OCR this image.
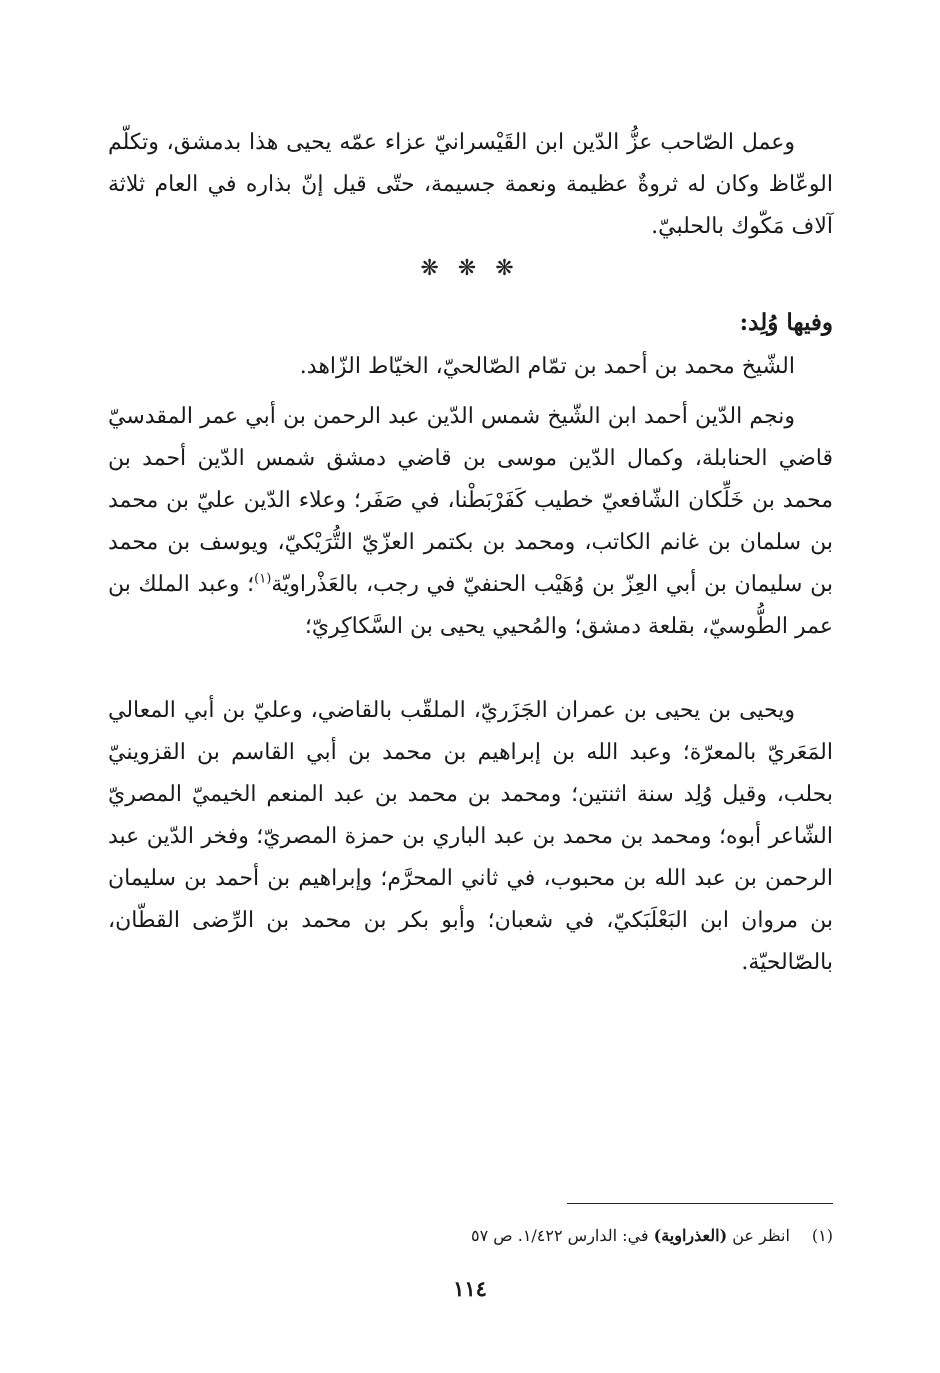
وعمل الصّاحب عزُّ الدّين ابن القَيْسرانيّ عزاء عمّه يحيى هذا بدمشق، وتكلّم الوعّاظ وكان له ثروةٌ عظيمة ونعمة جسيمة، حتّى قيل إنّ بذاره في العام ثلاثة آلاف مَكّوك بالحلبيّ.

❋ ❋ ❋
وفيها وُلِد:

الشّيخ محمد بن أحمد بن تمّام الصّالحيّ، الخيّاط الزّاهد.

ونجم الدّين أحمد ابن الشّيخ شمس الدّين عبد الرحمن بن أبي عمر المقدسيّ قاضي الحنابلة، وكمال الدّين موسى بن قاضي دمشق شمس الدّين أحمد بن محمد بن خَلِّكان الشّافعيّ خطيب كَفَرْبَطْنا، في صَفَر؛ وعلاء الدّين عليّ بن محمد بن سلمان بن غانم الكاتب، ومحمد بن بكتمر العزّيّ التُّرَيْكيّ، ويوسف بن محمد بن سليمان بن أبي العِزّ بن وُهَيْب الحنفيّ في رجب، بالعَذْراويّة$^{(١)}$؛ وعبد الملك بن عمر الطُّوسيّ، بقلعة دمشق؛ والمُحيي يحيى بن السَّكاكِريّ؛

ويحيى بن يحيى بن عمران الجَزَريّ، الملقّب بالقاضي، وعليّ بن أبي المعالي المَعَريّ بالمعرّة؛ وعبد الله بن إبراهيم بن محمد بن أبي القاسم بن القزوينيّ بحلب، وقيل وُلِد سنة اثنتين؛ ومحمد بن محمد بن عبد المنعم الخيميّ المصريّ الشّاعر أبوه؛ ومحمد بن محمد بن عبد الباري بن حمزة المصريّ؛ وفخر الدّين عبد الرحمن بن عبد الله بن محبوب، في ثاني المحرَّم؛ وإبراهيم بن أحمد بن سليمان بن مروان ابن البَعْلَبَكيّ، في شعبان؛ وأبو بكر بن محمد بن الرِّضى القطّان، بالصّالحيّة.

(١)انظر عن (العذراوية) في: الدارس ١/٤٢٢. ص ٥٧
١١٤
